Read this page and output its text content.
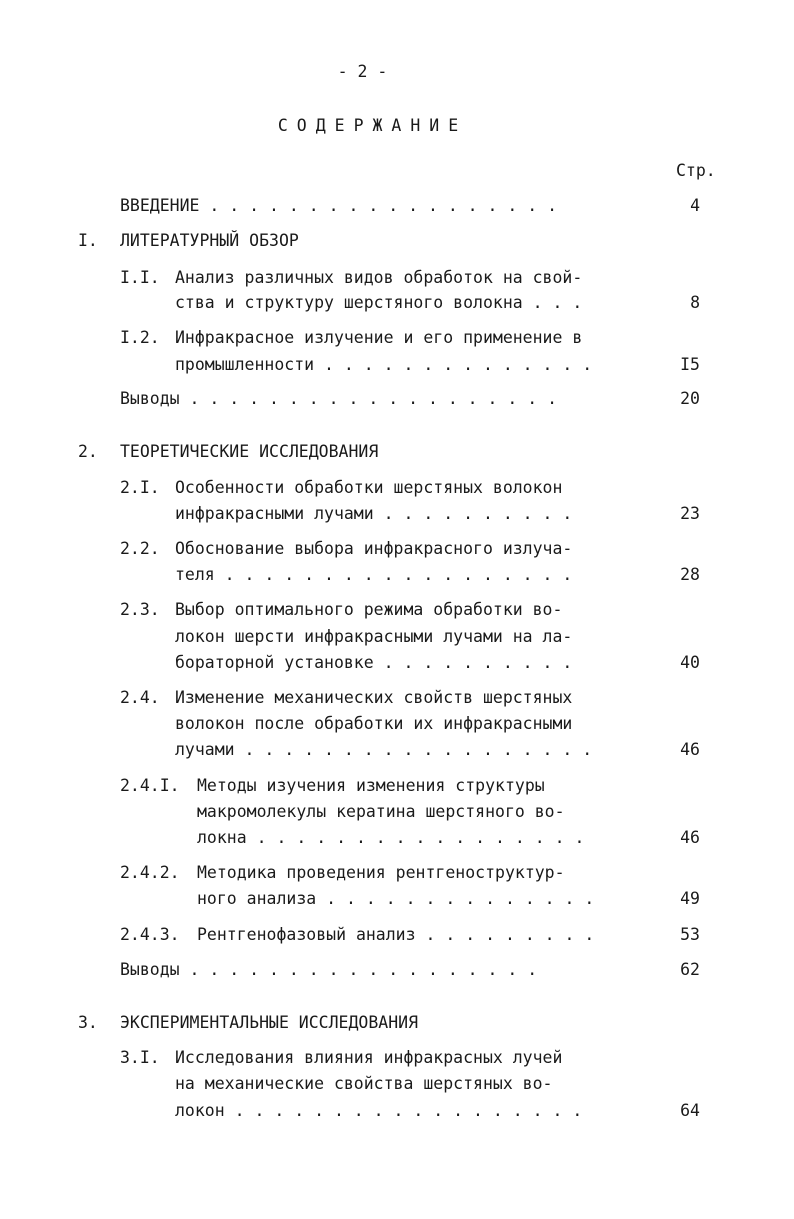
- 2 -
СОДЕРЖАНИЕ
Стр.
ВВЕДЕНИЕ . . . . . . . . . . . . . . . . . .	4
I. ЛИТЕРАТУРНЫЙ ОБЗОР
I.I. Анализ различных видов обработок на свой-
ства и структуру шерстяного волокна . . .	8
I.2. Инфракрасное излучение и его применение в
промышленности . . . . . . . . . . . . . .	I5
Выводы . . . . . . . . . . . . . . . . . . .	20
2. ТЕОРЕТИЧЕСКИЕ ИССЛЕДОВАНИЯ
2.I. Особенности обработки шерстяных волокон
инфракрасными лучами . . . . . . . . . .	23
2.2. Обоснование выбора инфракрасного излуча-
теля . . . . . . . . . . . . . . . . . .	28
2.3. Выбор оптимального режима обработки во-
локон шерсти инфракрасными лучами на ла-
бораторной установке . . . . . . . . . .	40
2.4. Изменение механических свойств шерстяных
волокон после обработки их инфракрасными
лучами . . . . . . . . . . . . . . . . . .	46
2.4.I. Методы изучения изменения структуры
макромолекулы кератина шерстяного во-
локна . . . . . . . . . . . . . . . . .	46
2.4.2. Методика проведения рентгеноструктур-
ного анализа . . . . . . . . . . . . . .	49
2.4.3. Рентгенофазовый анализ . . . . . . . . .	53
Выводы . . . . . . . . . . . . . . . . . .	62
3. ЭКСПЕРИМЕНТАЛЬНЫЕ ИССЛЕДОВАНИЯ
3.I. Исследования влияния инфракрасных лучей
на механические свойства шерстяных во-
локон . . . . . . . . . . . . . . . . . .	64
